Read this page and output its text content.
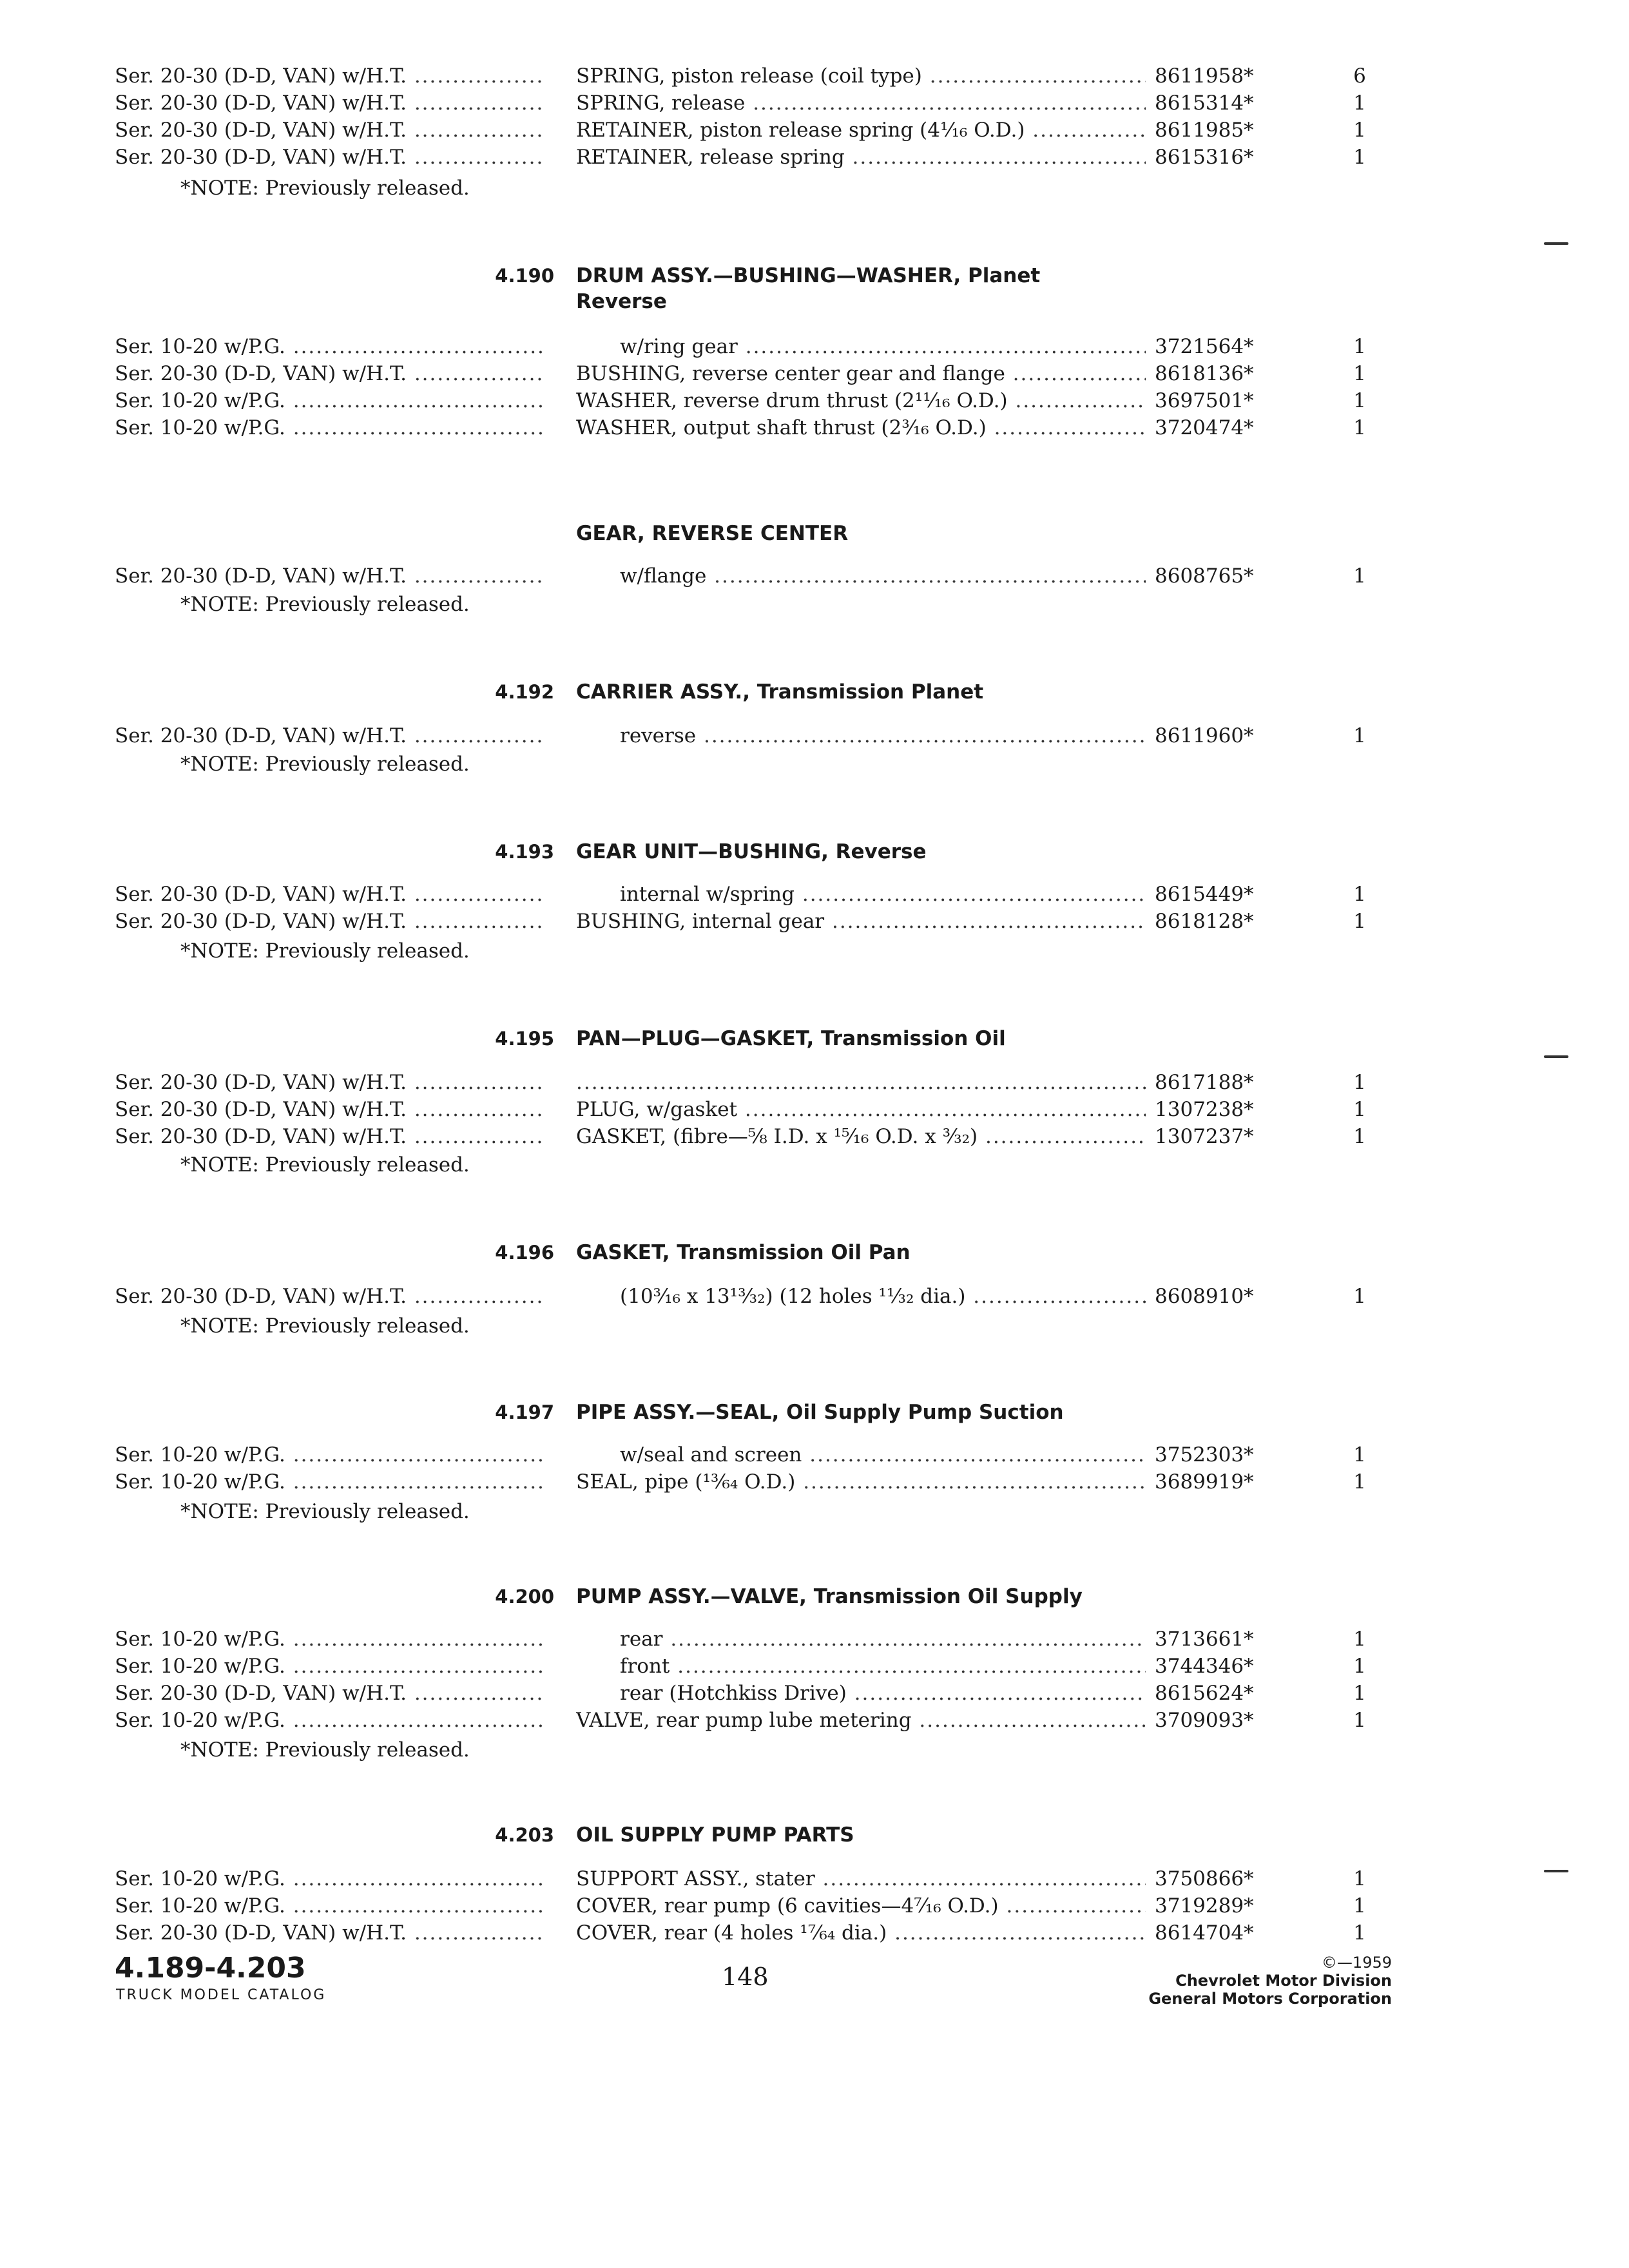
Ser. 20-30 (D-D, VAN) w/H.T. .....	SPRING, piston release (coil type) .....	8611958*	6
Ser. 20-30 (D-D, VAN) w/H.T. .....	SPRING, release .....	8615314*	1
Ser. 20-30 (D-D, VAN) w/H.T. .....	RETAINER, piston release spring (4¹⁄₁₆ O.D.) .....	8611985*	1
Ser. 20-30 (D-D, VAN) w/H.T. .....	RETAINER, release spring .....	8615316*	1
*NOTE: Previously released.
4.190 DRUM ASSY.—BUSHING—WASHER, Planet
Reverse
Ser. 10-20 w/P.G. .....	w/ring gear .....	3721564*	1
Ser. 20-30 (D-D, VAN) w/H.T. .....	BUSHING, reverse center gear and flange .....	8618136*	1
Ser. 10-20 w/P.G. .....	WASHER, reverse drum thrust (2¹¹⁄₁₆ O.D.) .....	3697501*	1
Ser. 10-20 w/P.G. .....	WASHER, output shaft thrust (2³⁄₁₆ O.D.) .....	3720474*	1
GEAR, REVERSE CENTER
Ser. 20-30 (D-D, VAN) w/H.T. .....	w/flange .....	8608765*	1
*NOTE: Previously released.
4.192 CARRIER ASSY., Transmission Planet
Ser. 20-30 (D-D, VAN) w/H.T. .....	reverse .....	8611960*	1
*NOTE: Previously released.
4.193 GEAR UNIT—BUSHING, Reverse
Ser. 20-30 (D-D, VAN) w/H.T. .....	internal w/spring .....	8615449*	1
Ser. 20-30 (D-D, VAN) w/H.T. .....	BUSHING, internal gear .....	8618128*	1
*NOTE: Previously released.
4.195 PAN—PLUG—GASKET, Transmission Oil
Ser. 20-30 (D-D, VAN) w/H.T. .....
.....	8617188*	1
Ser. 20-30 (D-D, VAN) w/H.T. .....	PLUG, w/gasket .....	1307238*	1
Ser. 20-30 (D-D, VAN) w/H.T. .....	GASKET, (fibre—⅝ I.D. x ¹⁵⁄₁₆ O.D. x ³⁄₃₂) .....	1307237*	1
*NOTE: Previously released.
4.196 GASKET, Transmission Oil Pan
Ser. 20-30 (D-D, VAN) w/H.T. .....	(10³⁄₁₆ x 13¹³⁄₃₂) (12 holes ¹¹⁄₃₂ dia.) .....	8608910*	1
*NOTE: Previously released.
4.197 PIPE ASSY.—SEAL, Oil Supply Pump Suction
Ser. 10-20 w/P.G. .....	w/seal and screen .....	3752303*	1
Ser. 10-20 w/P.G. .....	SEAL, pipe (¹³⁄₆₄ O.D.) .....	3689919*	1
*NOTE: Previously released.
4.200 PUMP ASSY.—VALVE, Transmission Oil Supply
Ser. 10-20 w/P.G. .....	rear .....	3713661*	1
Ser. 10-20 w/P.G. .....	front .....	3744346*	1
Ser. 20-30 (D-D, VAN) w/H.T. .....	rear (Hotchkiss Drive) .....	8615624*	1
Ser. 10-20 w/P.G. .....	VALVE, rear pump lube metering .....	3709093*	1
*NOTE: Previously released.
4.203 OIL SUPPLY PUMP PARTS
Ser. 10-20 w/P.G. .....	SUPPORT ASSY., stater .....	3750866*	1
Ser. 10-20 w/P.G. .....	COVER, rear pump (6 cavities—4⁷⁄₁₆ O.D.) .....	3719289*	1
Ser. 20-30 (D-D, VAN) w/H.T. .....	COVER, rear (4 holes ¹⁷⁄₆₄ dia.) .....	8614704*	1
4.189-4.203
TRUCK MODEL CATALOG
148	©—1959
Chevrolet Motor Division
General Motors Corporation
